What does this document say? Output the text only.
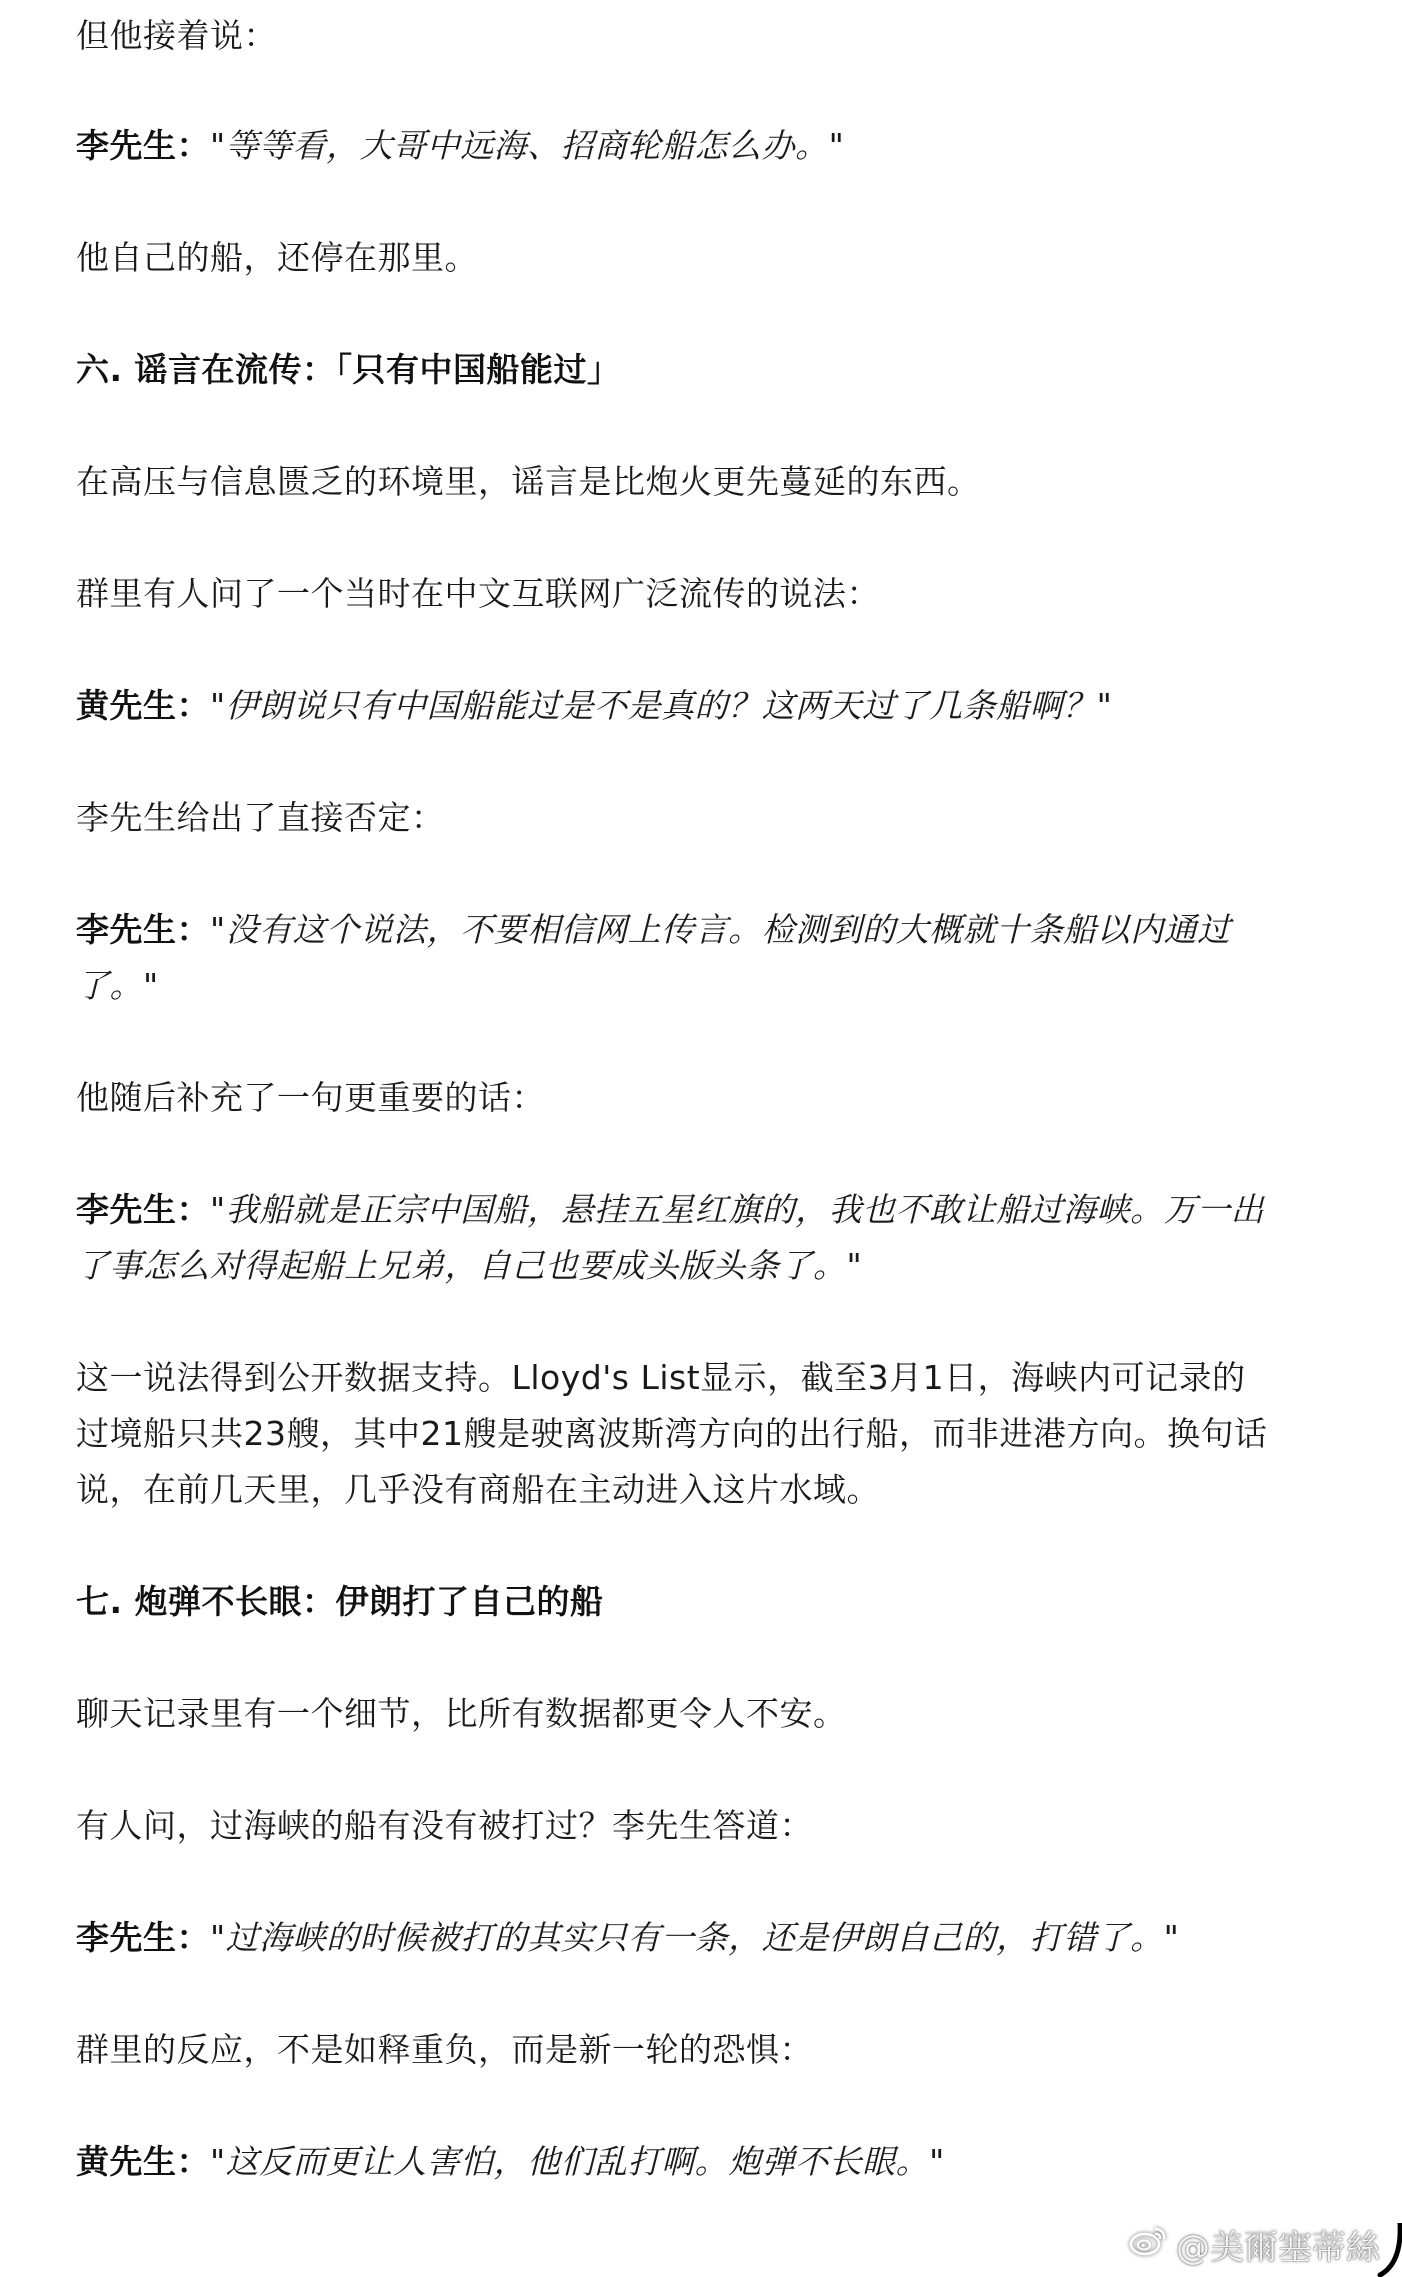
但他接着说：
李先生："等等看，大哥中远海、招商轮船怎么办。"
他自己的船，还停在那里。
六. 谣言在流传：「只有中国船能过」
在高压与信息匮乏的环境里，谣言是比炮火更先蔓延的东西。
群里有人问了一个当时在中文互联网广泛流传的说法：
黄先生："伊朗说只有中国船能过是不是真的？这两天过了几条船啊？"
李先生给出了直接否定：
李先生："没有这个说法，不要相信网上传言。检测到的大概就十条船以内通过了。"
他随后补充了一句更重要的话：
李先生："我船就是正宗中国船，悬挂五星红旗的，我也不敢让船过海峡。万一出了事怎么对得起船上兄弟，自己也要成头版头条了。"
这一说法得到公开数据支持。Lloyd's List显示，截至3月1日，海峡内可记录的过境船只共23艘，其中21艘是驶离波斯湾方向的出行船，而非进港方向。换句话说，在前几天里，几乎没有商船在主动进入这片水域。
七. 炮弹不长眼：伊朗打了自己的船
聊天记录里有一个细节，比所有数据都更令人不安。
有人问，过海峡的船有没有被打过？李先生答道：
李先生："过海峡的时候被打的其实只有一条，还是伊朗自己的，打错了。"
群里的反应，不是如释重负，而是新一轮的恐惧：
黄先生："这反而更让人害怕，他们乱打啊。炮弹不长眼。"
@美爾塞蒂絲
